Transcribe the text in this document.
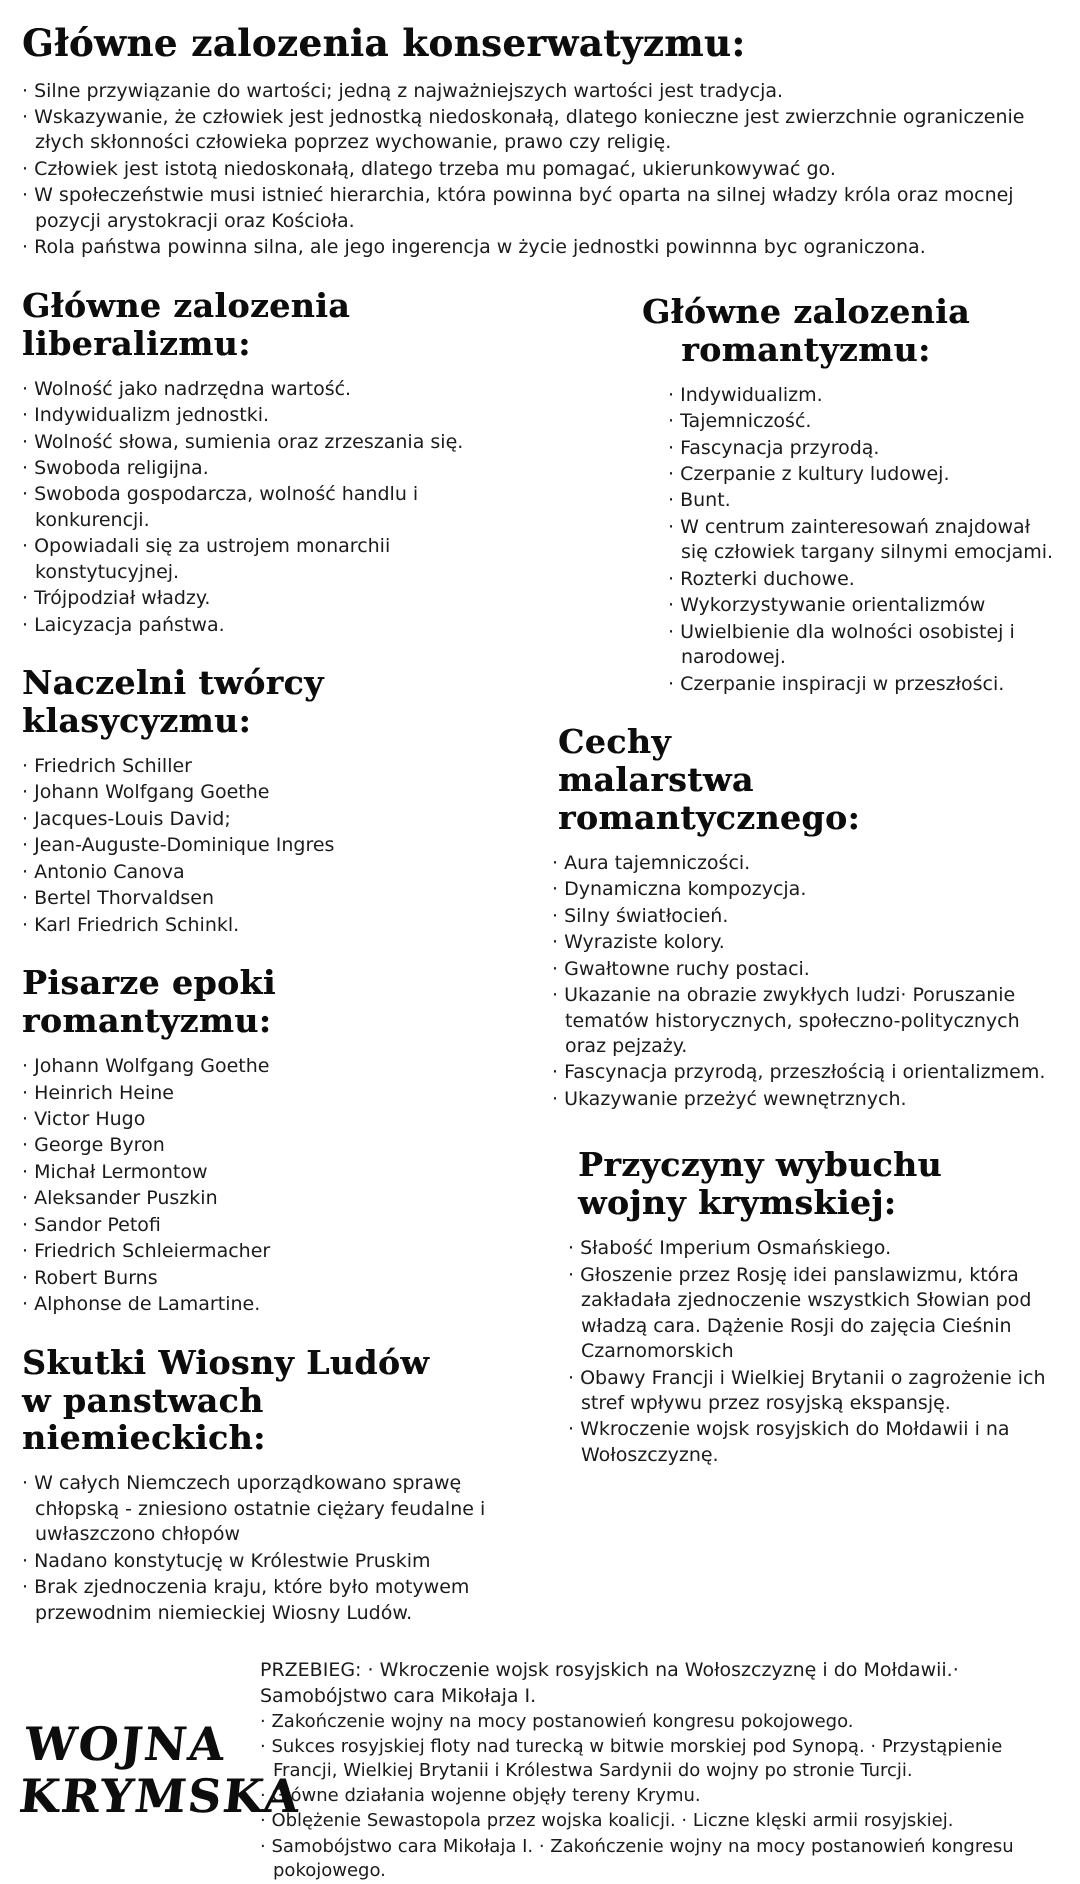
Główne zalozenia konserwatyzmu:
· Silne przywiązanie do wartości; jedną z najważniejszych wartości jest tradycja.
· Wskazywanie, że człowiek jest jednostką niedoskonałą, dlatego konieczne jest zwierzchnie ograniczenie złych skłonności człowieka poprzez wychowanie, prawo czy religię.
· Człowiek jest istotą niedoskonałą, dlatego trzeba mu pomagać, ukierunkowywać go.
· W społeczeństwie musi istnieć hierarchia, która powinna być oparta na silnej władzy króla oraz mocnej pozycji arystokracji oraz Kościoła.
· Rola państwa powinna silna, ale jego ingerencja w życie jednostki powinnna byc ograniczona.
Główne zalozenia liberalizmu:
· Wolność jako nadrzędna wartość.
· Indywidualizm jednostki.
· Wolność słowa, sumienia oraz zrzeszania się.
· Swoboda religijna.
· Swoboda gospodarcza, wolność handlu i konkurencji.
· Opowiadali się za ustrojem monarchii konstytucyjnej.
· Trójpodział władzy.
· Laicyzacja państwa.
Naczelni twórcy klasycyzmu:
· Friedrich Schiller
· Johann Wolfgang Goethe
· Jacques-Louis David;
· Jean-Auguste-Dominique Ingres
· Antonio Canova
· Bertel Thorvaldsen
· Karl Friedrich Schinkl.
Pisarze epoki romantyzmu:
· Johann Wolfgang Goethe
· Heinrich Heine
· Victor Hugo
· George Byron
· Michał Lermontow
· Aleksander Puszkin
· Sandor Petofi
· Friedrich Schleiermacher
· Robert Burns
· Alphonse de Lamartine.
Skutki Wiosny Ludów w panstwach niemieckich:
· W całych Niemczech uporządkowano sprawę chłopską - zniesiono ostatnie ciężary feudalne i uwłaszczono chłopów
· Nadano konstytucję w Królestwie Pruskim
· Brak zjednoczenia kraju, które było motywem przewodnim niemieckiej Wiosny Ludów.
Główne zalozenia romantyzmu:
· Indywidualizm.
· Tajemniczość.
· Fascynacja przyrodą.
· Czerpanie z kultury ludowej.
· Bunt.
· W centrum zainteresowań znajdował się człowiek targany silnymi emocjami.
· Rozterki duchowe.
· Wykorzystywanie orientalizmów
· Uwielbienie dla wolności osobistej i narodowej.
· Czerpanie inspiracji w przeszłości.
Cechy malarstwa romantycznego:
· Aura tajemniczości.
· Dynamiczna kompozycja.
· Silny światłocień.
· Wyraziste kolory.
· Gwałtowne ruchy postaci.
· Ukazanie na obrazie zwykłych ludzi· Poruszanie tematów historycznych, społeczno-politycznych oraz pejzaży.
· Fascynacja przyrodą, przeszłością i orientalizmem.
· Ukazywanie przeżyć wewnętrznych.
Przyczyny wybuchu wojny krymskiej:
· Słabość Imperium Osmańskiego.
· Głoszenie przez Rosję idei panslawizmu, która zakładała zjednoczenie wszystkich Słowian pod władzą cara. Dążenie Rosji do zajęcia Cieśnin Czarnomorskich
· Obawy Francji i Wielkiej Brytanii o zagrożenie ich stref wpływu przez rosyjską ekspansję.
· Wkroczenie wojsk rosyjskich do Mołdawii i na Wołoszczyznę.
WOJNA
KRYMSKA

PRZEBIEG: · Wkroczenie wojsk rosyjskich na Wołoszczyznę i do Mołdawii.· Samobójstwo cara Mikołaja I.

· Zakończenie wojny na mocy postanowień kongresu pokojowego.
· Sukces rosyjskiej floty nad turecką w bitwie morskiej pod Synopą. · Przystąpienie Francji, Wielkiej Brytanii i Królestwa Sardynii do wojny po stronie Turcji.
· Główne działania wojenne objęły tereny Krymu.
· Oblężenie Sewastopola przez wojska koalicji. · Liczne klęski armii rosyjskiej.
· Samobójstwo cara Mikołaja I. · Zakończenie wojny na mocy postanowień kongresu pokojowego.
